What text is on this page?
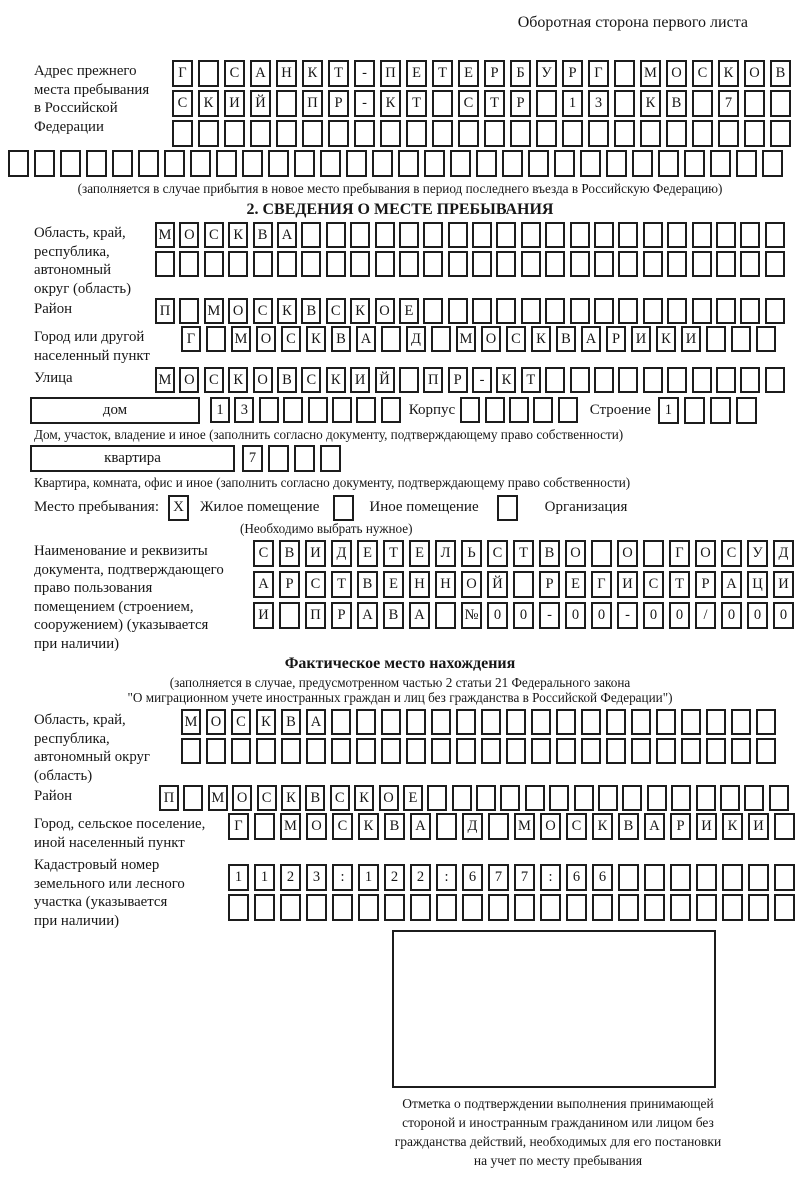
Оборотная сторона первого листа
Адрес прежнего
места пребывания
в Российской
Федерации
Г	С	А	Н	К	Т	-	П	Е	Т	Е	Р	Б	У	Р	Г	М О	С	К	О	В
С	К	И	Й	П	Р	-	К	Т	С	Т	Р	1	3	К	В	7
(заполняется в случае прибытия в новое место пребывания в период последнего въезда в Российскую Федерацию)
2. СВЕДЕНИЯ О МЕСТЕ ПРЕБЫВАНИЯ
Область, край,
республика,
автономный
округ (область)
М О С	К	В А
Район	П	М О С	К	В	С	К О	Е
Город или другой
населенный пункт
Г	М О	С	К	В	А	Д	М О	С	К	В	А	Р	И	К	И
Улица	М О С	К О В	С	К И Й	П	Р	-	К	Т
дом	1	3	Корпус	Строение 1
Дом, участок, владение и иное (заполнить согласно документу, подтверждающему право собственности)
квартира	7
Квартира, комната, офис и иное (заполнить согласно документу, подтверждающему право собственности)
Место пребывания: X	Жилое помещение	Иное помещение	Организация
(Необходимо выбрать нужное)
Наименование и реквизиты
документа, подтверждающего
право пользования
помещением (строением,
сооружением) (указывается
при наличии)
С	В	И	Д	Е	Т	Е	Л	Ь	С	Т	В	О	О	Г	О	С	У	Д
А	Р	С	Т	В	Е	Н	Н	О	Й	Р	Е	Г	И	С	Т	Р	А	Ц	И
И	П	Р	А	В	А	№	0	0	-	0	0	-	0	0	/	0	0	0
Фактическое место нахождения
(заполняется в случае, предусмотренном частью 2 статьи 21 Федерального закона
"О миграционном учете иностранных граждан и лиц без гражданства в Российской Федерации")
Область, край,
республика,
автономный округ
(область)
М О	С	К	В	А
Район	П	М О С	К	В	С	К О	Е
Город, сельское поселение,
иной населенный пункт
Г	М О	С	К	В	А	Д	М О	С	К	В	А	Р	И	К	И
Кадастровый номер
земельного или лесного
участка (указывается
при наличии)
1	1	2	3	:	1	2	2	:	6	7	7	:	6	6
Отметка о подтверждении выполнения принимающей
стороной и иностранным гражданином или лицом без
гражданства действий, необходимых для его постановки
на учет по месту пребывания
